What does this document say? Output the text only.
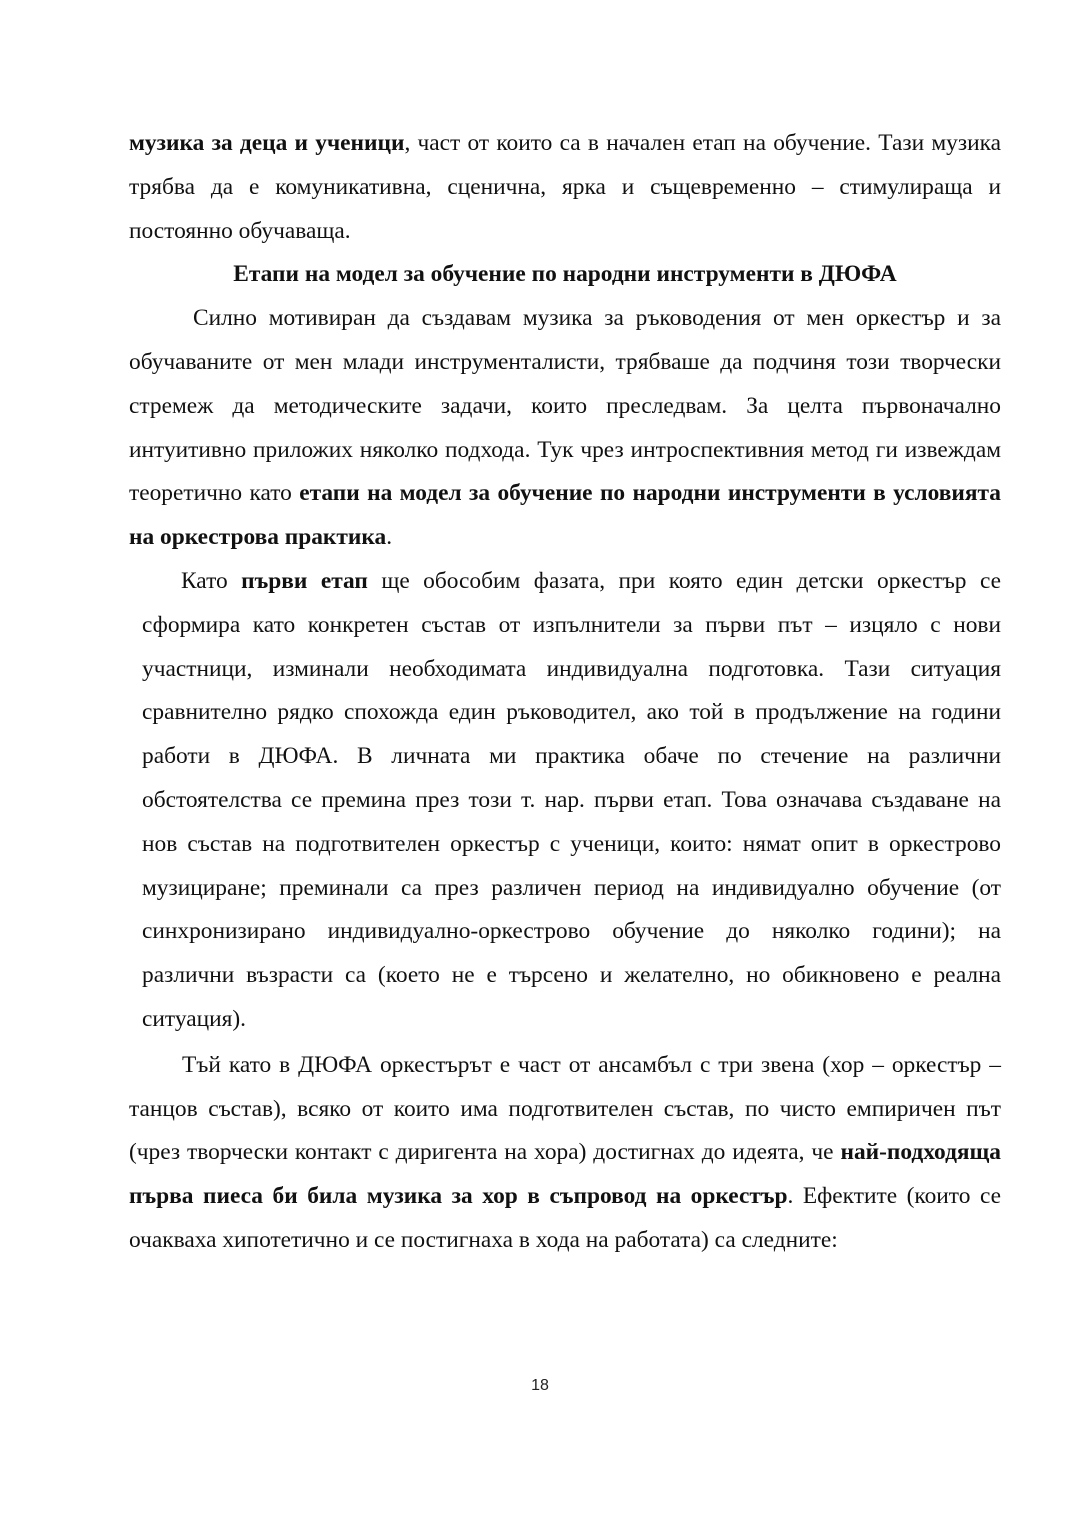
музика за деца и ученици, част от които са в начален етап на обучение. Тази музика трябва да е комуникативна, сценична, ярка и същевременно – стимулираща и постоянно обучаваща.

Етапи на модел за обучение по народни инструменти в ДЮФА

Силно мотивиран да създавам музика за ръководения от мен оркестър и за обучаваните от мен млади инструменталисти, трябваше да подчиня този творчески стремеж да методическите задачи, които преследвам. За целта първоначално интуитивно приложих няколко подхода. Тук чрез интроспективния метод ги извеждам теоретично като етапи на модел за обучение по народни инструменти в условията на оркестрова практика.

Като първи етап ще обособим фазата, при която един детски оркестър се сформира като конкретен състав от изпълнители за първи път – изцяло с нови участници, изминали необходимата индивидуална подготовка. Тази ситуация сравнително рядко спохожда един ръководител, ако той в продължение на години работи в ДЮФА. В личната ми практика обаче по стечение на различни обстоятелства се премина през този т. нар. първи етап. Това означава създаване на нов състав на подготвителен оркестър с ученици, които: нямат опит в оркестрово музициране; преминали са през различен период на индивидуално обучение (от синхронизирано индивидуално-оркестрово обучение до няколко години); на различни възрасти са (което не е търсено и желателно, но обикновено е реална ситуация).

Тъй като в ДЮФА оркестърът е част от ансамбъл с три звена (хор – оркестър – танцов състав), всяко от които има подготвителен състав, по чисто емпиричен път (чрез творчески контакт с диригента на хора) достигнах до идеята, че най-подходяща първа пиеса би била музика за хор в съпровод на оркестър. Ефектите (които се очакваха хипотетично и се постигнаха в хода на работата) са следните:

18
